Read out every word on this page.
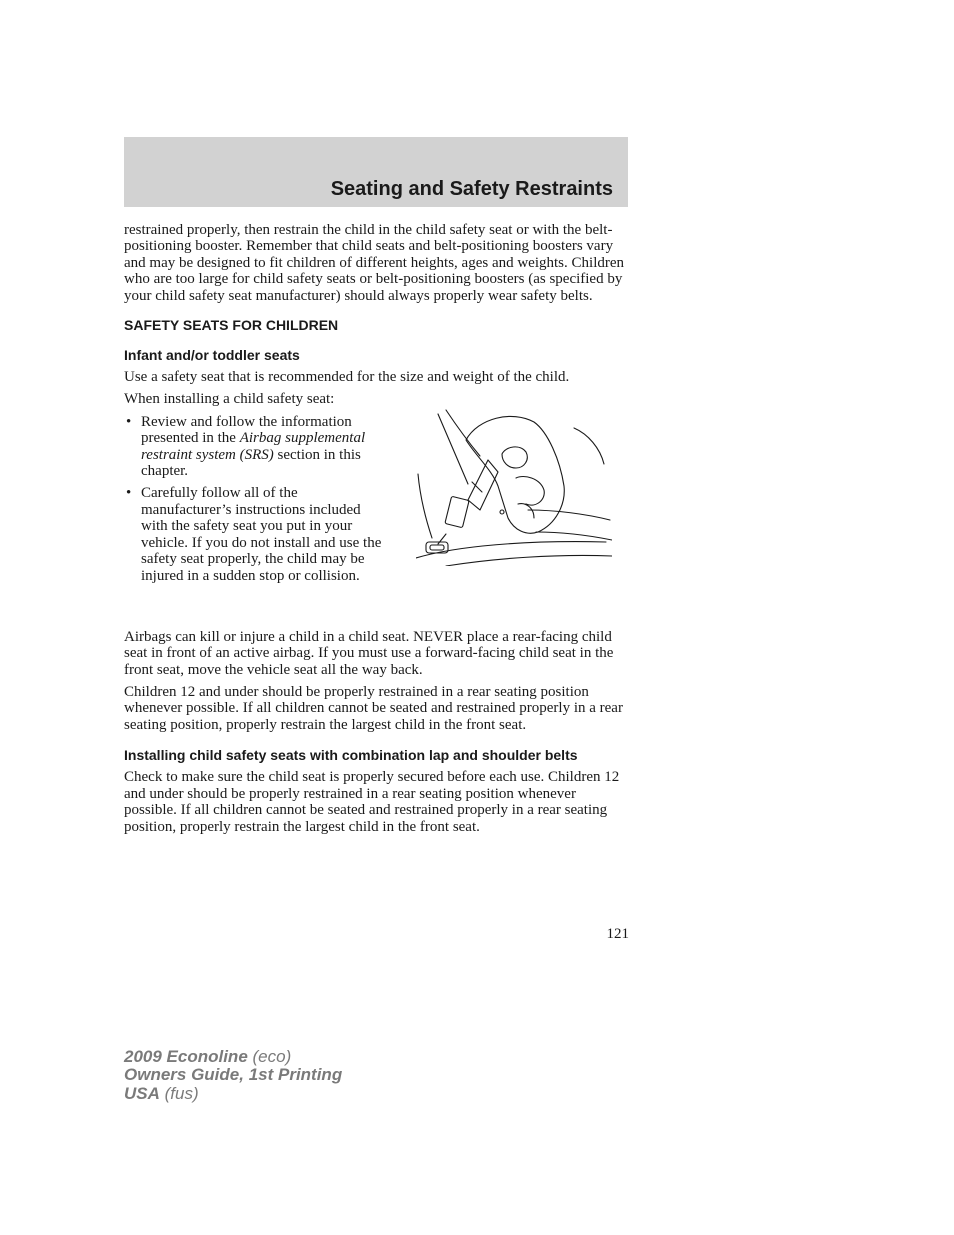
Seating and Safety Restraints

restrained properly, then restrain the child in the child safety seat or with the belt-positioning booster. Remember that child seats and belt-positioning boosters vary and may be designed to fit children of different heights, ages and weights. Children who are too large for child safety seats or belt-positioning boosters (as specified by your child safety seat manufacturer) should always properly wear safety belts.

SAFETY SEATS FOR CHILDREN
Infant and/or toddler seats

Use a safety seat that is recommended for the size and weight of the child.

When installing a child safety seat:

• Review and follow the information presented in the Airbag supplemental restraint system (SRS) section in this chapter.
• Carefully follow all of the manufacturer’s instructions included with the safety seat you put in your vehicle. If you do not install and use the safety seat properly, the child may be injured in a sudden stop or collision.

Airbags can kill or injure a child in a child seat. NEVER place a rear-facing child seat in front of an active airbag. If you must use a forward-facing child seat in the front seat, move the vehicle seat all the way back.

Children 12 and under should be properly restrained in a rear seating position whenever possible. If all children cannot be seated and restrained properly in a rear seating position, properly restrain the largest child in the front seat.

Installing child safety seats with combination lap and shoulder belts

Check to make sure the child seat is properly secured before each use. Children 12 and under should be properly restrained in a rear seating position whenever possible. If all children cannot be seated and restrained properly in a rear seating position, properly restrain the largest child in the front seat.

121
2009 Econoline (eco)
Owners Guide, 1st Printing
USA (fus)
